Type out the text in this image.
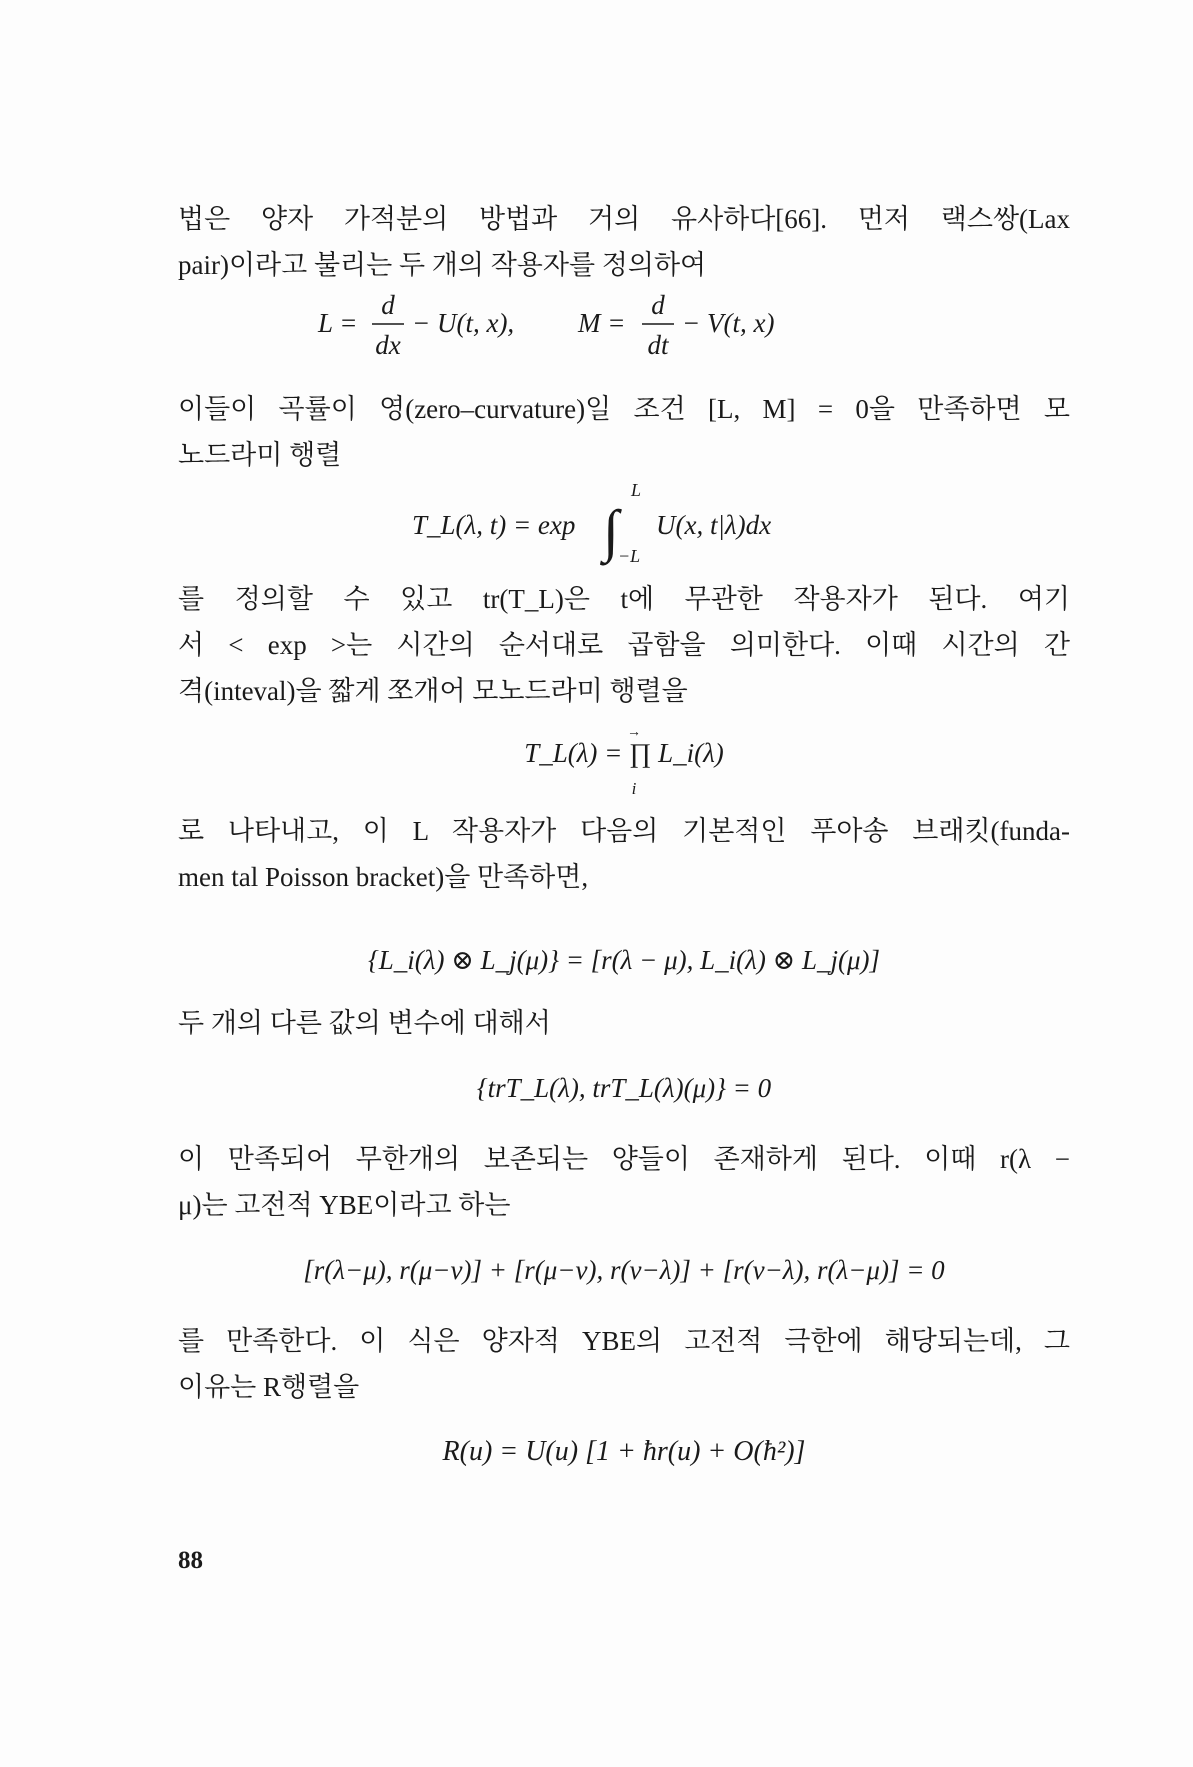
법은 양자 가적분의 방법과 거의 유사하다[66]. 먼저 랙스쌍(Lax
pair)이라고 불리는 두 개의 작용자를 정의하여
L =
d
dx
− U(t, x), M =
d
dt
− V(t, x)
이들이 곡률이 영(zero–curvature)일 조건 [L, M] = 0을 만족하면 모
노드라미 행렬
T_L(λ, t) = exp ∫
L
−L
U(x, t|λ)dx
를 정의할 수 있고 tr(T_L)은 t에 무관한 작용자가 된다. 여기
서 < exp >는 시간의 순서대로 곱함을 의미한다. 이때 시간의 간
격(inteval)을 짧게 쪼개어 모노드라미 행렬을
T_L(λ) = ∏ L_i(λ)
i
→
로 나타내고, 이 L 작용자가 다음의 기본적인 푸아송 브래킷(funda-
men tal Poisson bracket)을 만족하면,
{L_i(λ) ⊗ L_j(μ)} = [r(λ − μ), L_i(λ) ⊗ L_j(μ)]
두 개의 다른 값의 변수에 대해서
{trT_L(λ), trT_L(λ)(μ)} = 0
이 만족되어 무한개의 보존되는 양들이 존재하게 된다. 이때 r(λ −
μ)는 고전적 YBE이라고 하는
[r(λ−μ), r(μ−ν)] + [r(μ−ν), r(ν−λ)] + [r(ν−λ), r(λ−μ)] = 0
를 만족한다. 이 식은 양자적 YBE의 고전적 극한에 해당되는데, 그
이유는 R행렬을
R(u) = U(u) [1 + ħr(u) + O(ħ²)]
88
